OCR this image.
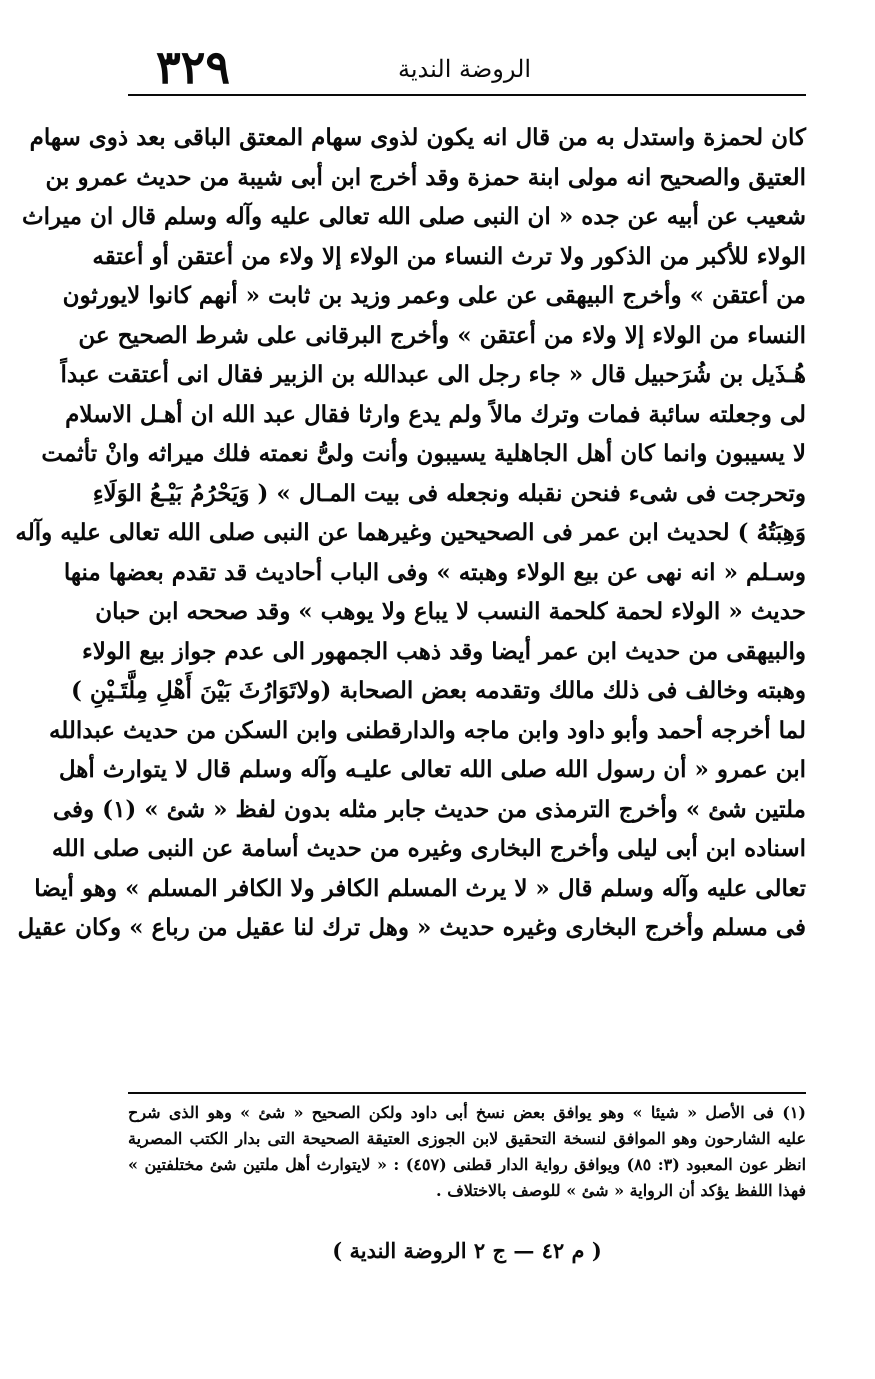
٣٢٩	الروضة الندية
كان لحمزة واستدل به من قال انه يكون لذوى سهام المعتق الباقى بعد ذوى سهام
العتيق والصحيح انه مولى ابنة حمزة وقد أخرج ابن أبى شيبة من حديث عمرو بن
شعيب عن أبيه عن جده « ان النبى صلى الله تعالى عليه وآله وسلم قال ان ميراث
الولاء للأكبر من الذكور ولا ترث النساء من الولاء إلا ولاء من أعتقن أو أعتقه
من أعتقن » وأخرج البيهقى عن على وعمر وزيد بن ثابت « أنهم كانوا لايورثون
النساء من الولاء إلا ولاء من أعتقن » وأخرج البرقانى على شرط الصحيح عن
هُـذَيل بن شُرَحبيل قال « جاء رجل الى عبدالله بن الزبير فقال انى أعتقت عبداً
لى وجعلته سائبة فمات وترك مالاً ولم يدع وارثا فقال عبد الله ان أهـل الاسلام
لا يسيبون وانما كان أهل الجاهلية يسيبون وأنت ولىُّ نعمته فلك ميراثه وانْ تأثمت
وتحرجت فى شىء فنحن نقبله ونجعله فى بيت المـال » ( وَيَحْرُمُ بَيْـعُ الوَلَاءِ
وَهِبَتُهُ ) لحديث ابن عمر فى الصحيحين وغيرهما عن النبى صلى الله تعالى عليه وآله
وسـلم « انه نهى عن بيع الولاء وهبته » وفى الباب أحاديث قد تقدم بعضها منها
حديث « الولاء لحمة كلحمة النسب لا يباع ولا يوهب » وقد صححه ابن حبان
والبيهقى من حديث ابن عمر أيضا وقد ذهب الجمهور الى عدم جواز بيع الولاء
وهبته وخالف فى ذلك مالك وتقدمه بعض الصحابة (ولاتَوَارُثَ بَيْنَ أَهْلِ مِلَّتَـيْنِ )
لما أخرجه أحمد وأبو داود وابن ماجه والدارقطنى وابن السكن من حديث عبدالله
ابن عمرو « أن رسول الله صلى الله تعالى عليـه وآله وسلم قال لا يتوارث أهل
ملتين شئ » وأخرج الترمذى من حديث جابر مثله بدون لفظ « شئ » (١) وفى
اسناده ابن أبى ليلى وأخرج البخارى وغيره من حديث أسامة عن النبى صلى الله
تعالى عليه وآله وسلم قال « لا يرث المسلم الكافر ولا الكافر المسلم » وهو أيضا
فى مسلم وأخرج البخارى وغيره حديث « وهل ترك لنا عقيل من رباع » وكان عقيل
(١) فى الأصل « شيئا » وهو يوافق بعض نسخ أبى داود ولكن الصحيح « شئ » وهو الذى شرح
عليه الشارحون وهو الموافق لنسخة التحقيق لابن الجوزى العتيقة الصحيحة التى بدار الكتب المصرية
انظر عون المعبود (٣: ٨٥) ويوافق رواية الدار قطنى (٤٥٧) : « لايتوارث أهل ملتين شئ مختلفتين »
فهذا اللفظ يؤكد أن الرواية « شئ » للوصف بالاختلاف .
( م ٤٢ — ج ٢ الروضة الندية )
